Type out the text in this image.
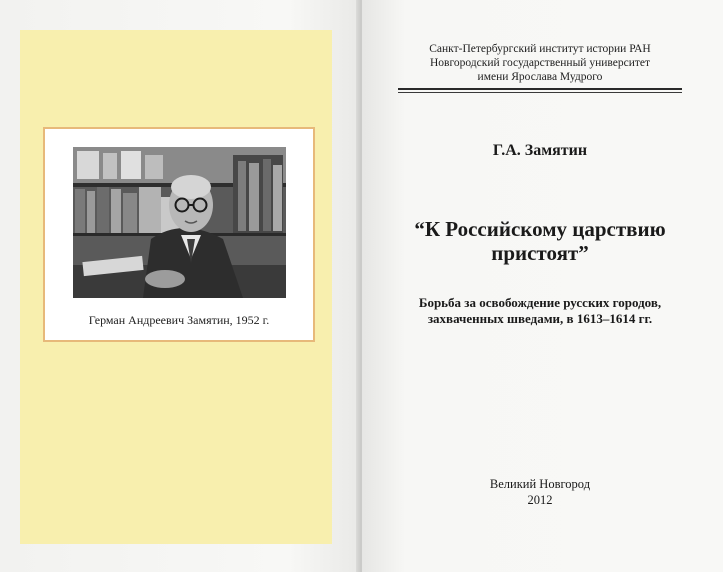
Герман Андреевич Замятин, 1952 г.
Санкт-Петербургский институт истории РАН
Новгородский государственный университет
имени Ярослава Мудрого
Г.А. Замятин
“К Российскому царствию
пристоят”
Борьба за освобождение русских городов,
захваченных шведами, в 1613–1614 гг.
Великий Новгород
2012
